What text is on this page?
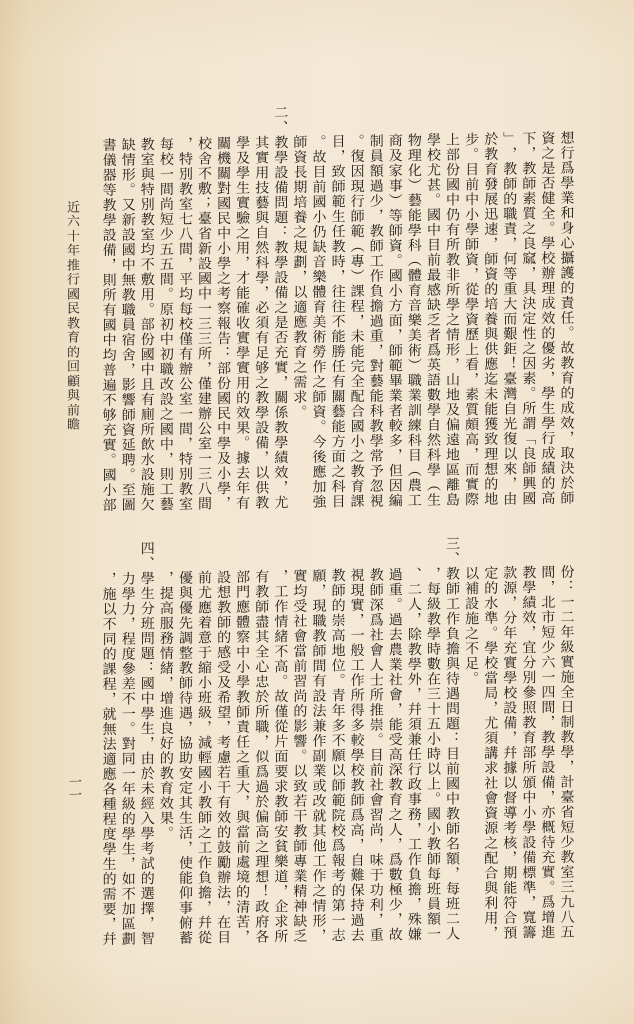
近
六
十
年
推
行
國
民
教
育
的
回
顧
與
前
瞻
一
一
想
行
爲
學
業
和
身
心
攝
護
的
責
任
。
故
教
育
的
成
效
，
取
決
於
師
資
之
是
否
健
全
。
學
校
辦
理
成
效
的
優
劣
，
學
生
學
行
成
績
的
高
下
，
教
師
素
質
之
良
窳
，
具
決
定
性
之
因
素
。
所
謂
「
良
師
興
國
」
，
教
師
的
職
責
，
何
等
重
大
而
艱
鉅
！
臺
灣
自
光
復
以
來
，
由
於
教
育
發
展
迅
速
，
師
資
的
培
養
與
供
應
迄
未
能
獲
致
理
想
的
地
步
。
目
前
中
小
學
師
資
，
從
學
資
歷
上
看
，
素
質
頗
高
，
而
實
際
上
部
份
國
中
仍
有
所
教
非
所
學
之
情
形
，
山
地
及
偏
遠
地
區
離
島
學
校
尤
甚
。
國
中
目
前
最
感
缺
乏
者
爲
英
語
數
學
自
然
科
學
（
生
物
理
化
）
藝
能
學
科
（
體
育
音
樂
美
術
）
職
業
訓
練
科
目
（
農
工
商
及
家
事
）
等
師
資
。
國
小
方
面
，
師
範
畢
業
者
較
多
，
但
因
編
制
員
額
過
少
，
教
師
工
作
負
擔
過
重
，
對
藝
能
科
教
學
常
予
忽
視
。
復
因
現
行
師
範
（
專
）
課
程
，
未
能
完
全
配
合
國
小
之
教
育
課
目
，
致
師
範
生
任
教
時
，
往
往
不
能
勝
任
有
關
藝
能
方
面
之
科
目
。
故
目
前
國
小
仍
缺
音
樂
體
育
美
術
勞
作
之
師
資
。
今
後
應
加
強
師
資
長
期
培
養
之
規
劃
，
以
適
應
教
育
之
需
求
。
二
、
教
學
設
備
問
題
：
教
學
設
備
之
是
否
充
實
，
關
係
教
學
績
效
，
尤
其
實
用
技
藝
與
自
然
科
學
，
必
須
有
足
够
之
教
學
設
備
，
以
供
教
學
及
學
生
實
驗
之
用
，
才
能
確
收
實
學
實
用
的
效
果
。
據
去
年
有
關
機
關
對
國
民
中
小
學
之
考
察
報
告
：
部
份
國
民
中
學
及
小
學
，
校
舍
不
敷
；
臺
省
新
設
國
中
一
三
三
所
，
僅
建
辦
公
室
一
三
八
間
，
特
別
教
室
七
八
間
，
平
均
每
校
僅
有
辦
公
室
一
間
，
特
別
教
室
每
校
一
間
尚
短
少
五
五
間
。
原
初
中
初
職
改
設
之
國
中
，
則
工
藝
教
室
與
特
別
教
室
均
不
敷
用
。
部
份
國
中
且
有
廁
所
飲
水
設
施
欠
缺
情
形
。
又
新
設
國
中
無
教
職
員
宿
舍
，
影
響
師
資
延
聘
。
至
圖
書
儀
器
等
教
學
設
備
，
則
所
有
國
中
均
普
遍
不
够
充
實
。
國
小
部
份
：
一
二
年
級
實
施
全
日
制
教
學
，
計
臺
省
短
少
教
室
三
九
八
五
間
，
北
市
短
少
六
一
四
間
，
教
學
設
備
，
亦
概
待
充
實
。
爲
增
進
教
學
績
效
，
宜
分
別
參
照
教
育
部
所
頒
中
小
學
設
備
標
準
，
寬
籌
款
源
，
分
年
充
實
學
校
設
備
，
幷
據
以
督
導
考
核
，
期
能
符
合
預
定
的
水
準
。
學
校
當
局
，
尤
須
講
求
社
會
資
源
之
配
合
與
利
用
，
以
補
設
施
之
不
足
。
三
、
教
師
工
作
負
擔
與
待
遇
問
題
：
目
前
國
中
教
師
名
額
，
每
班
二
人
，
每
級
教
學
時
數
在
三
十
五
小
時
以
上
。
國
小
教
師
每
班
員
額
一
、
二
人
，
除
教
學
外
，
幷
須
兼
任
行
政
事
務
，
工
作
負
擔
，
殊
嫌
過
重
。
過
去
農
業
社
會
，
能
受
高
深
教
育
之
人
，
爲
數
極
少
，
故
教
師
深
爲
社
會
人
士
所
推
崇
。
目
前
社
會
習
尚
，
味
于
功
利
，
重
視
現
實
，
一
般
工
作
所
得
多
較
學
校
教
師
爲
高
，
自
難
保
持
過
去
教
師
的
崇
高
地
位
。
青
年
多
不
願
以
師
範
院
校
爲
報
考
的
第
一
志
願
，
現
職
教
師
間
有
設
法
兼
作
副
業
或
改
就
其
他
工
作
之
情
形
，
實
均
受
社
會
當
前
習
尚
的
影
響
。
以
致
若
干
教
師
專
業
精
神
缺
乏
，
工
作
情
緒
不
高
。
故
僅
從
片
面
要
求
教
師
安
貧
樂
道
，
企
求
所
有
教
師
盡
其
全
心
忠
於
所
職
，
似
爲
過
於
偏
高
之
理
想
！
政
府
各
部
門
應
體
察
中
小
學
教
師
責
任
之
重
大
，
與
當
前
處
境
的
清
苦
，
設
想
教
師
的
感
受
及
希
望
，
考
慮
若
干
有
效
的
鼓
勵
辦
法
，
在
目
前
尤
應
着
意
于
縮
小
班
級
，
減
輕
國
小
教
師
之
工
作
負
擔
，
幷
從
優
與
優
先
調
整
教
師
待
遇
，
協
助
安
定
其
生
活
，
使
能
仰
事
俯
蓄
，
提
高
服
務
情
緒
，
增
進
良
好
的
教
育
效
果
。
四
、
學
生
分
班
問
題
：
國
中
學
生
，
由
於
未
經
入
學
考
試
的
選
擇
，
智
力
學
力
，
程
度
參
差
不
一
。
對
同
一
年
級
的
學
生
，
如
不
加
區
劃
，
施
以
不
同
的
課
程
，
就
無
法
適
應
各
種
程
度
學
生
的
需
要
，
幷
